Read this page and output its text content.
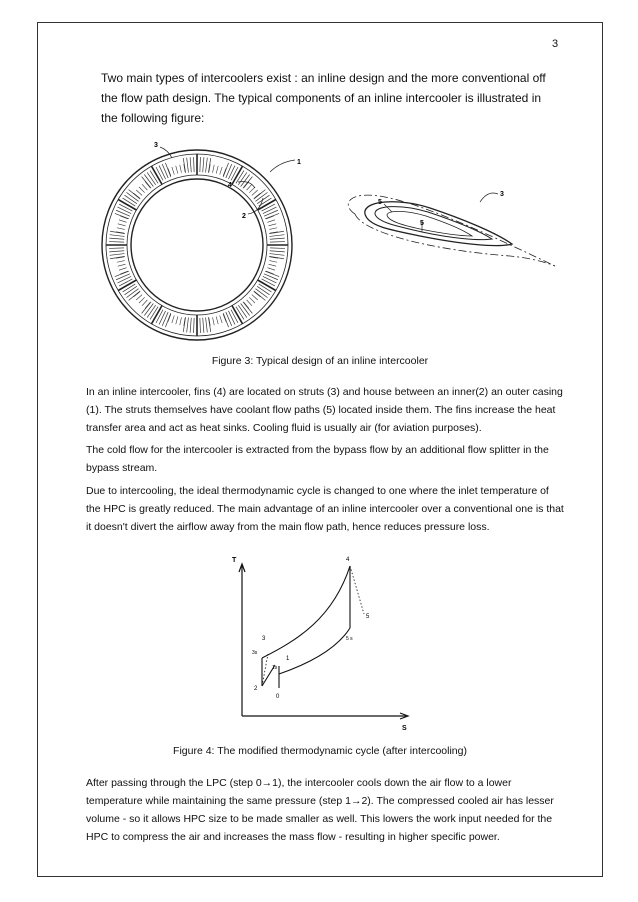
3
Two main types of intercoolers exist : an inline design and the more conventional off the flow path design. The typical components of an inline intercooler is illustrated in the following figure:
3
1
4
2
3
5
5
Figure 3: Typical design of an inline intercooler
In an inline intercooler, fins (4) are located on struts (3) and house between an inner(2) an outer casing (1). The struts themselves have coolant flow paths (5) located inside them. The fins increase the heat transfer area and act as heat sinks. Cooling fluid is usually air (for aviation purposes).
The cold flow for the intercooler is extracted from the bypass flow by an additional flow splitter in the bypass stream.
Due to intercooling, the ideal thermodynamic cycle is changed to one where the inlet temperature of the HPC is greatly reduced. The main advantage of an inline intercooler over a conventional one is that it doesn't divert the airflow away from the main flow path, hence reduces pressure loss.
T
S
4
5
5 s
3
3s
1
1s
2
0
Figure 4: The modified thermodynamic cycle (after intercooling)
After passing through the LPC (step 0→1), the intercooler cools down the air flow to a lower temperature while maintaining the same pressure (step 1→2). The compressed cooled air has lesser volume - so it allows HPC size to be made smaller as well. This lowers the work input needed for the HPC to compress the air and increases the mass flow - resulting in higher specific power.
